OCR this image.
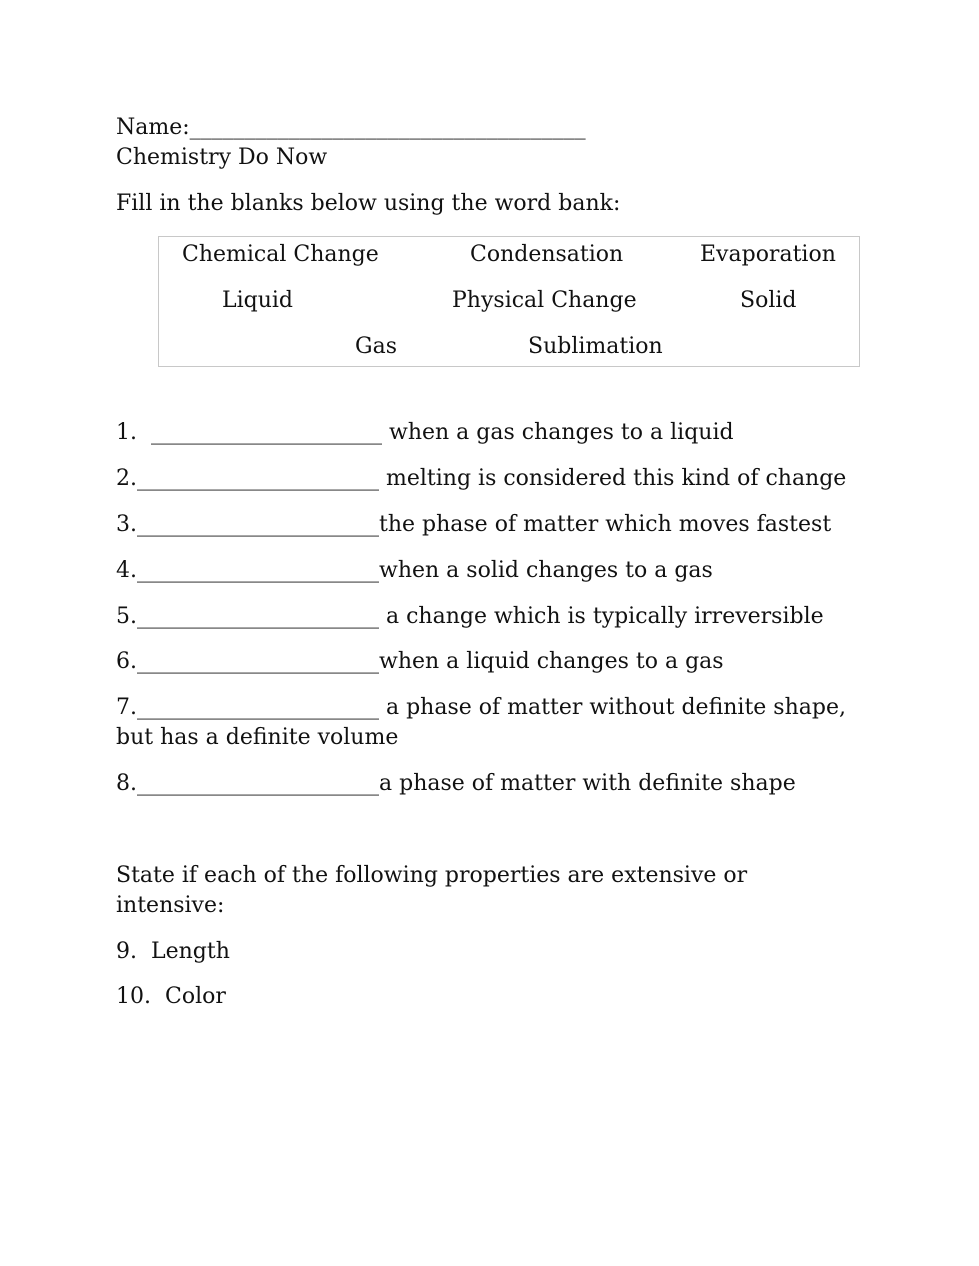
Name:____________________________________
Chemistry Do Now
Fill in the blanks below using the word bank:
Chemical Change	Condensation	Evaporation
Liquid	Physical Change	Solid
Gas	Sublimation
1.  _____________________ when a gas changes to a liquid
2.______________________ melting is considered this kind of change
3.______________________the phase of matter which moves fastest
4.______________________when a solid changes to a gas
5.______________________ a change which is typically irreversible
6.______________________when a liquid changes to a gas
7.______________________ a phase of matter without definite shape,
but has a definite volume
8.______________________a phase of matter with definite shape
State if each of the following properties are extensive or
intensive:
9. Length
10. Color
